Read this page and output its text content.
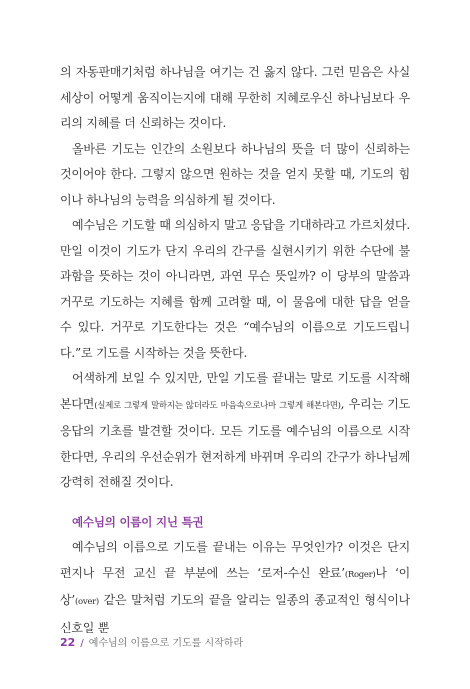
의 자동판매기처럼 하나님을 여기는 건 옳지 않다. 그런 믿음은 사실 세상이 어떻게 움직이는지에 대해 무한히 지혜로우신 하나님보다 우리의 지혜를 더 신뢰하는 것이다.

올바른 기도는 인간의 소원보다 하나님의 뜻을 더 많이 신뢰하는 것이어야 한다. 그렇지 않으면 원하는 것을 얻지 못할 때, 기도의 힘이나 하나님의 능력을 의심하게 될 것이다.

예수님은 기도할 때 의심하지 말고 응답을 기대하라고 가르치셨다. 만일 이것이 기도가 단지 우리의 간구를 실현시키기 위한 수단에 불과함을 뜻하는 것이 아니라면, 과연 무슨 뜻일까? 이 당부의 말씀과 거꾸로 기도하는 지혜를 함께 고려할 때, 이 물음에 대한 답을 얻을 수 있다. 거꾸로 기도한다는 것은 “예수님의 이름으로 기도드립니다.”로 기도를 시작하는 것을 뜻한다.

어색하게 보일 수 있지만, 만일 기도를 끝내는 말로 기도를 시작해 본다면(실제로 그렇게 말하지는 않더라도 마음속으로나마 그렇게 해본다면), 우리는 기도 응답의 기초를 발견할 것이다. 모든 기도를 예수님의 이름으로 시작한다면, 우리의 우선순위가 현저하게 바뀌며 우리의 간구가 하나님께 강력히 전해질 것이다.

예수님의 이름이 지닌 특권

예수님의 이름으로 기도를 끝내는 이유는 무엇인가? 이것은 단지 편지나 무전 교신 끝 부분에 쓰는 ‘로저-수신 완료’(Roger)나 ‘이상’(over) 같은 말처럼 기도의 끝을 알리는 일종의 종교적인 형식이나 신호일 뿐

22 / 예수님의 이름으로 기도를 시작하라
